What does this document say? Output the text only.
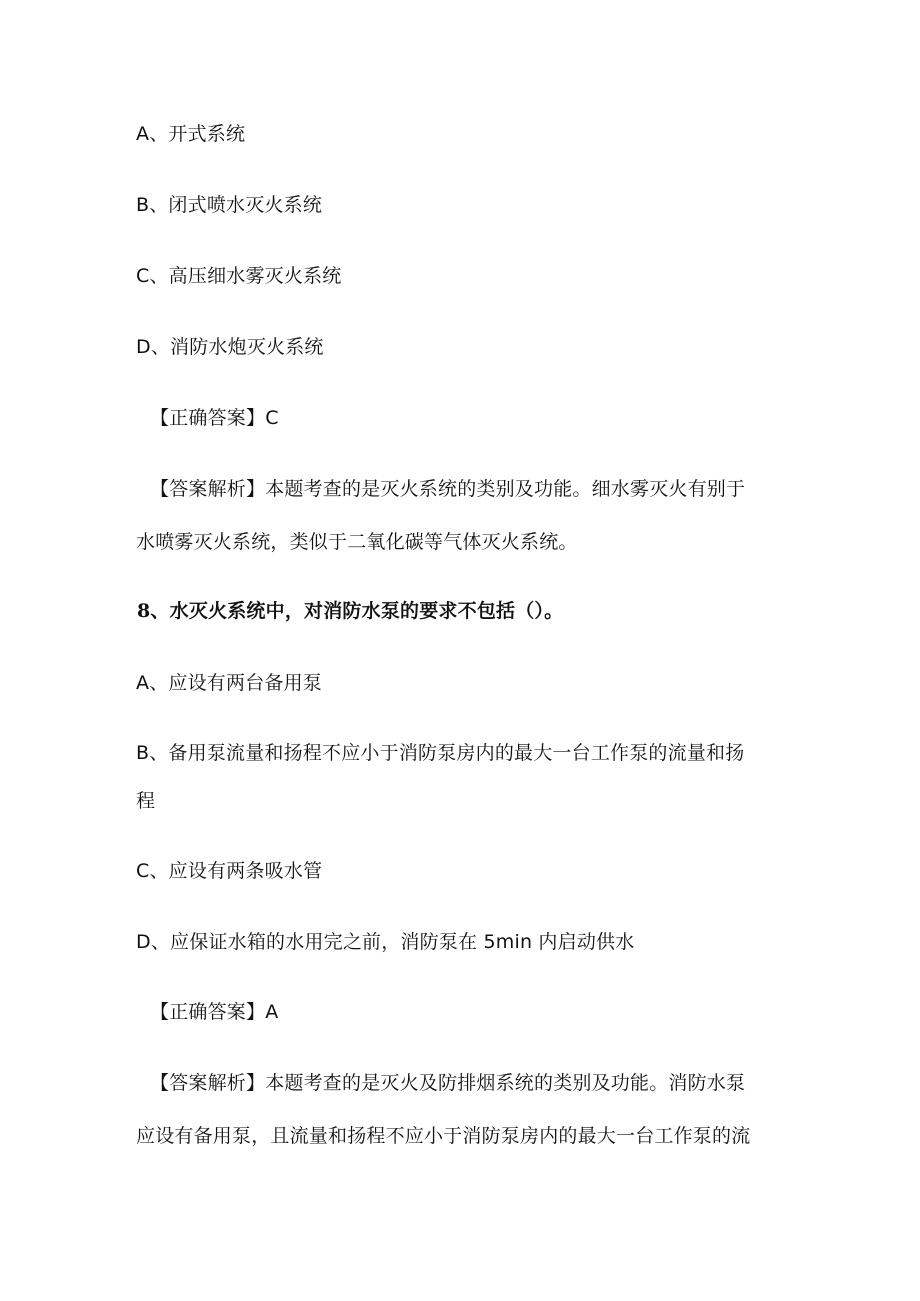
A、开式系统
B、闭式喷水灭火系统
C、高压细水雾灭火系统
D、消防水炮灭火系统
【正确答案】C
【答案解析】本题考查的是灭火系统的类别及功能。细水雾灭火有别于
水喷雾灭火系统，类似于二氧化碳等气体灭火系统。
8、水灭火系统中，对消防水泵的要求不包括（）。
A、应设有两台备用泵
B、备用泵流量和扬程不应小于消防泵房内的最大一台工作泵的流量和扬
程
C、应设有两条吸水管
D、应保证水箱的水用完之前，消防泵在 5min 内启动供水
【正确答案】A
【答案解析】本题考查的是灭火及防排烟系统的类别及功能。消防水泵
应设有备用泵，且流量和扬程不应小于消防泵房内的最大一台工作泵的流
